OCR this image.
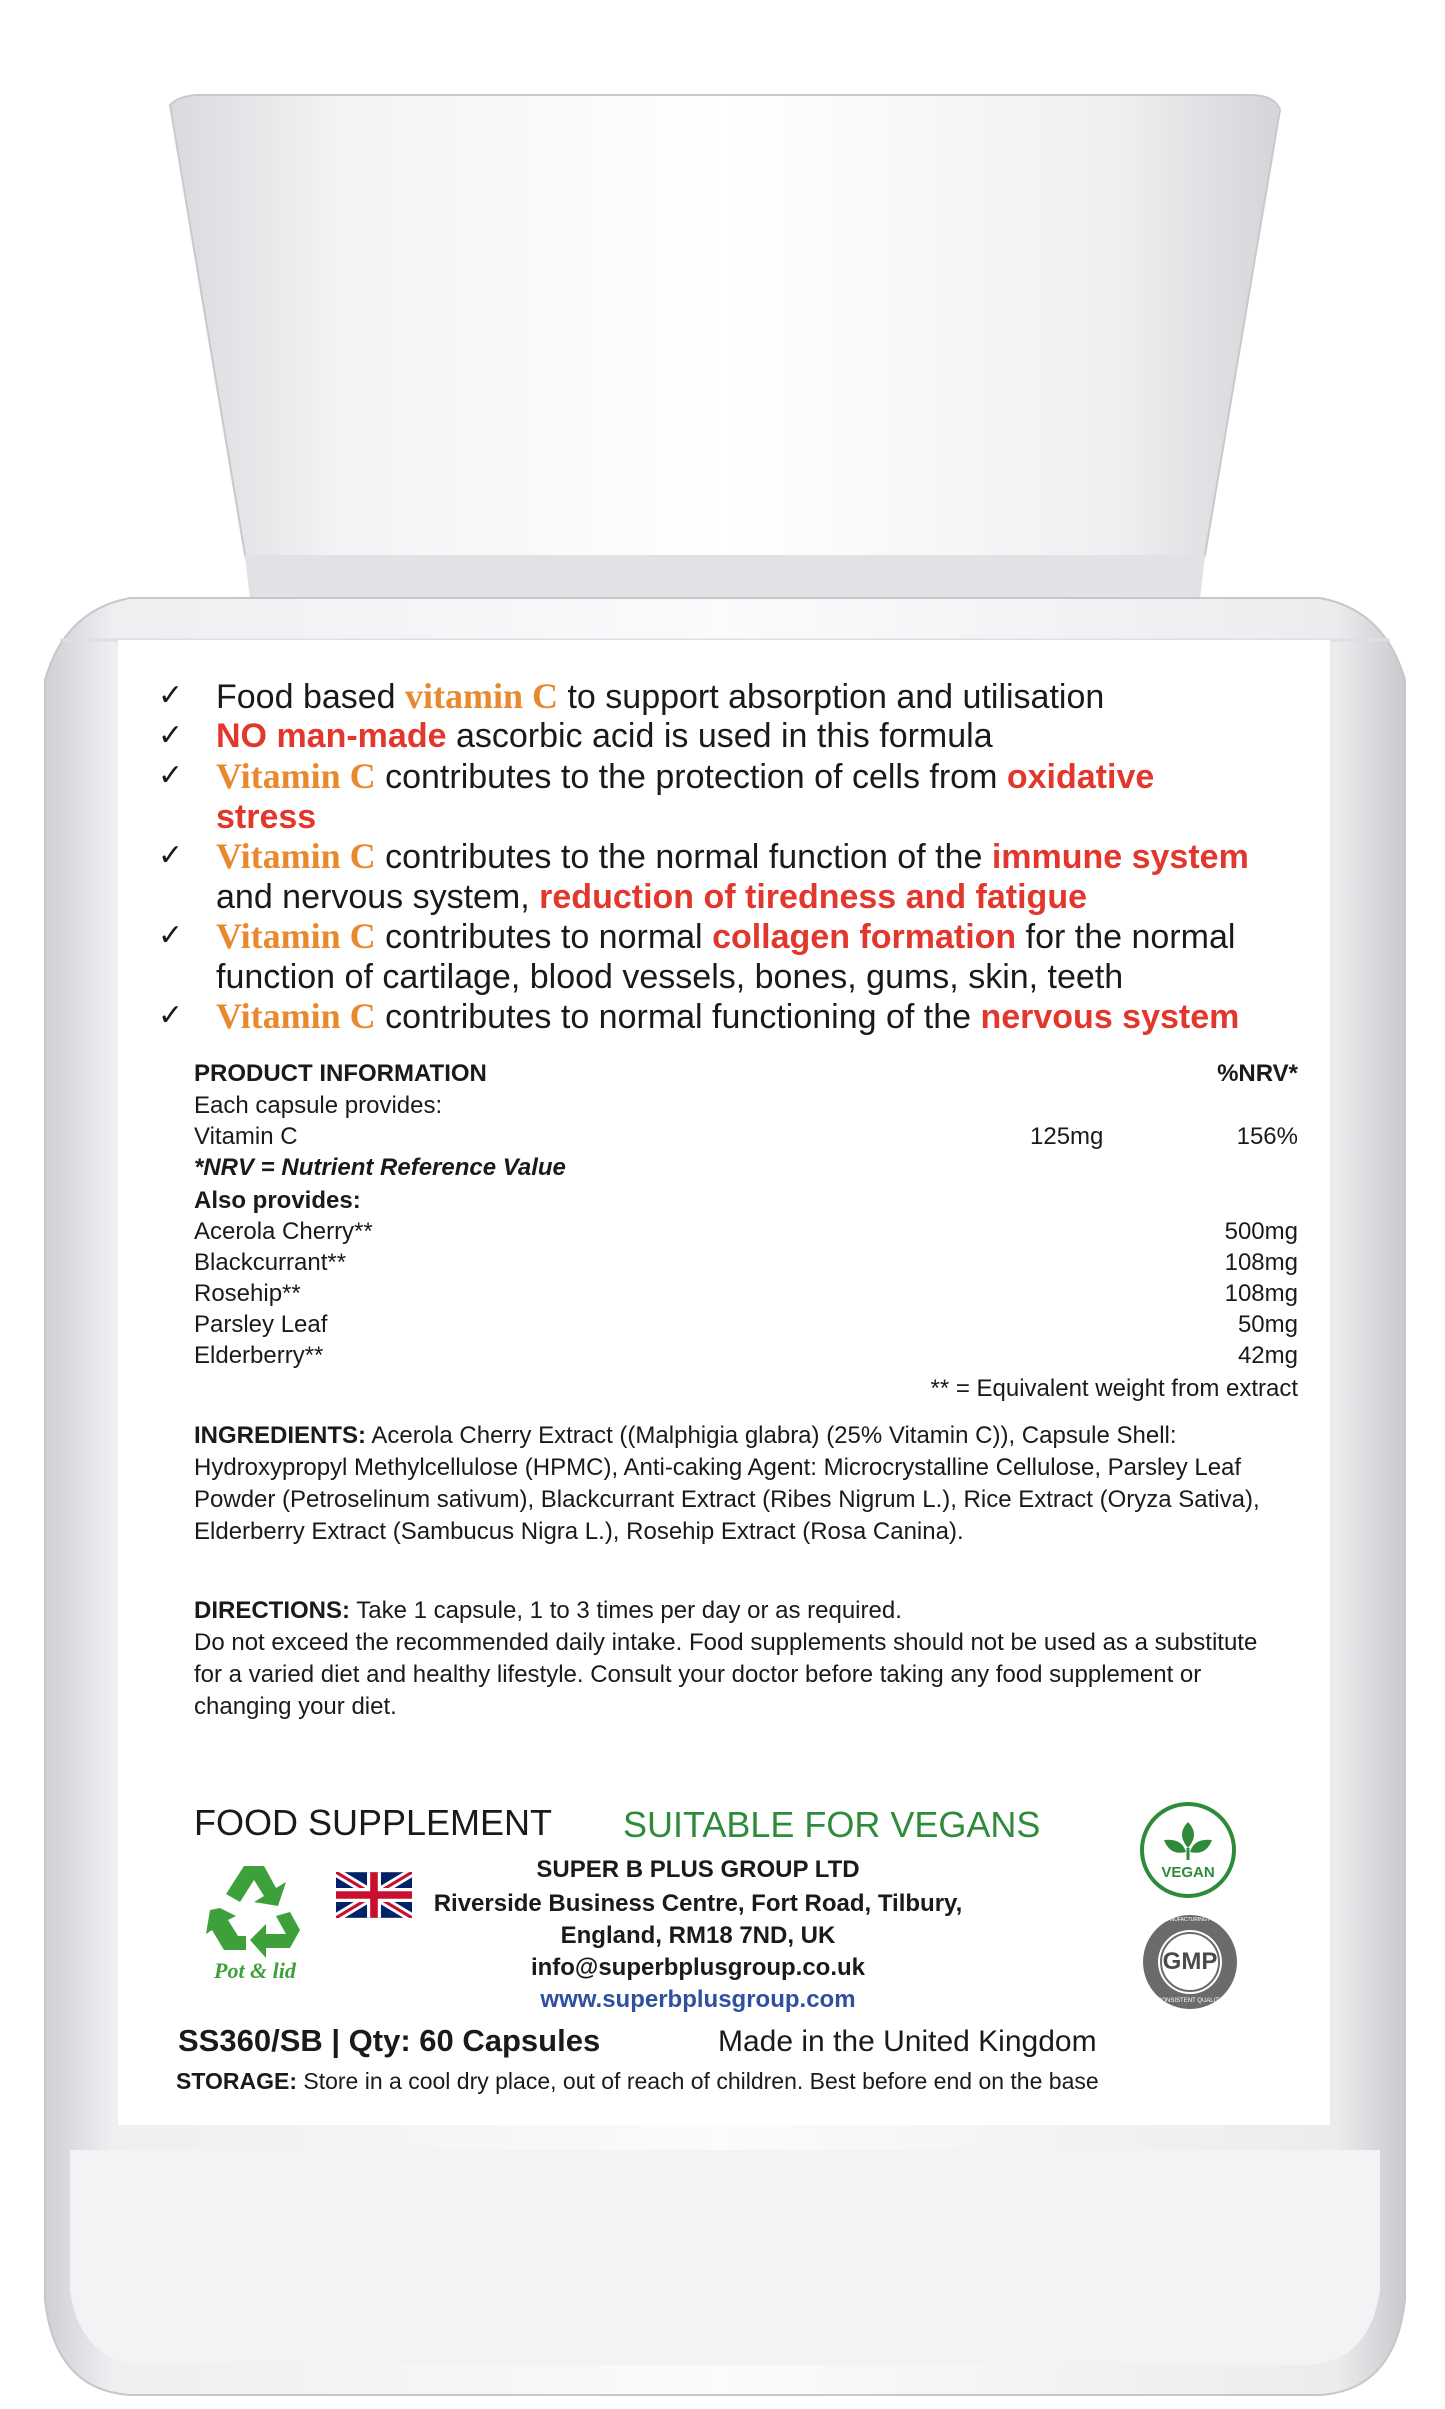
✓ Food based vitamin C to support absorption and utilisation
✓ NO man-made ascorbic acid is used in this formula
✓ Vitamin C contributes to the protection of cells from oxidative stress
✓ Vitamin C contributes to the normal function of the immune system
and nervous system, reduction of tiredness and fatigue
✓ Vitamin C contributes to normal collagen formation for the normal function of cartilage, blood vessels, bones, gums, skin, teeth
✓ Vitamin C contributes to normal functioning of the nervous system
PRODUCT INFORMATION	%NRV*
Each capsule provides:
Vitamin C	125mg	156%
*NRV = Nutrient Reference Value
Also provides:
Acerola Cherry**	500mg
Blackcurrant**	108mg
Rosehip**	108mg
Parsley Leaf	50mg
Elderberry**	42mg
** = Equivalent weight from extract
INGREDIENTS: Acerola Cherry Extract ((Malphigia glabra) (25% Vitamin C)), Capsule Shell: Hydroxypropyl Methylcellulose (HPMC), Anti-caking Agent: Microcrystalline Cellulose, Parsley Leaf Powder (Petroselinum sativum), Blackcurrant Extract (Ribes Nigrum L.), Rice Extract (Oryza Sativa), Elderberry Extract (Sambucus Nigra L.), Rosehip Extract (Rosa Canina).
DIRECTIONS: Take 1 capsule, 1 to 3 times per day or as required.
Do not exceed the recommended daily intake. Food supplements should not be used as a substitute for a varied diet and healthy lifestyle. Consult your doctor before taking any food supplement or changing your diet.
FOOD SUPPLEMENT SUITABLE FOR VEGANS
Pot & lid
SUPER B PLUS GROUP LTD
Riverside Business Centre, Fort Road, Tilbury,
England, RM18 7ND, UK
info@superbplusgroup.co.uk
www.superbplusgroup.com
VEGAN
GMP
GOOD MANUFACTURING PRACTICE
CONSISTENT QUALITY
SS360/SB | Qty: 60 Capsules	Made in the United Kingdom
STORAGE: Store in a cool dry place, out of reach of children. Best before end on the base
